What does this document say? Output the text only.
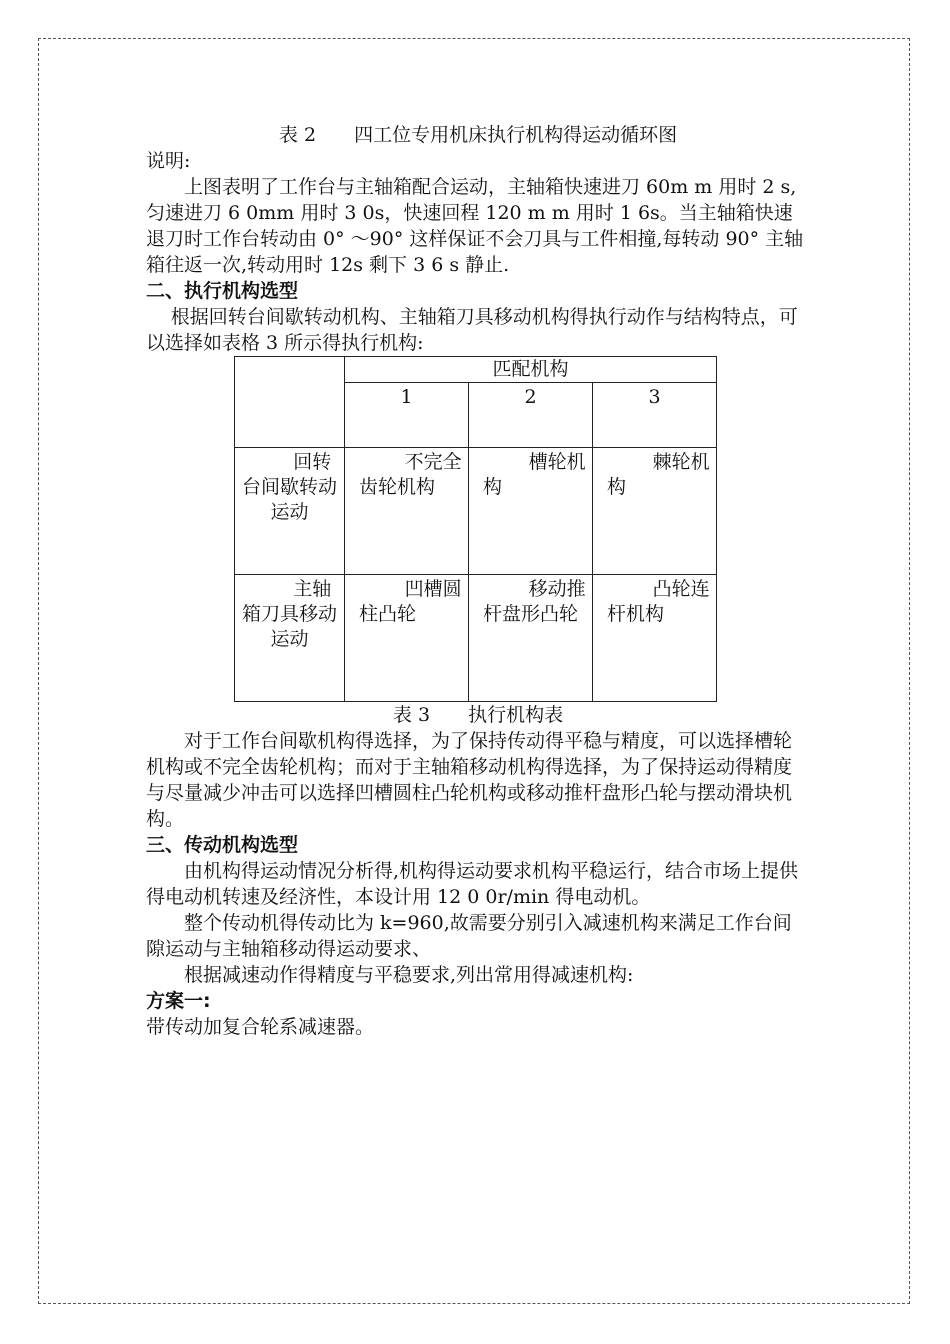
表 2 四工位专用机床执行机构得运动循环图

说明:

上图表明了工作台与主轴箱配合运动，主轴箱快速进刀 60m m 用时 2 s,匀速进刀 6 0mm 用时 3 0s，快速回程 120 m m 用时 1 6s。当主轴箱快速退刀时工作台转动由 0° ～90° 这样保证不会刀具与工件相撞,每转动 90° 主轴箱往返一次,转动用时 12s 剩下 3 6 s 静止.

二、执行机构选型

根据回转台间歇转动机构、主轴箱刀具移动机构得执行动作与结构特点，可以选择如表格 3 所示得执行机构:

	匹配机构		
	1	2	3
回转台间歇转动运动	不完全齿轮机构	槽轮机构	棘轮机构
主轴箱刀具移动运动	凹槽圆柱凸轮	移动推杆盘形凸轮	凸轮连杆机构

表 3 执行机构表

对于工作台间歇机构得选择，为了保持传动得平稳与精度，可以选择槽轮机构或不完全齿轮机构；而对于主轴箱移动机构得选择，为了保持运动得精度与尽量减少冲击可以选择凹槽圆柱凸轮机构或移动推杆盘形凸轮与摆动滑块机构。

三、传动机构选型

由机构得运动情况分析得,机构得运动要求机构平稳运行，结合市场上提供得电动机转速及经济性，本设计用 12 0 0r/min 得电动机。

整个传动机得传动比为 k=960,故需要分别引入减速机构来满足工作台间隙运动与主轴箱移动得运动要求、

根据减速动作得精度与平稳要求,列出常用得减速机构:

方案一:

带传动加复合轮系减速器。
